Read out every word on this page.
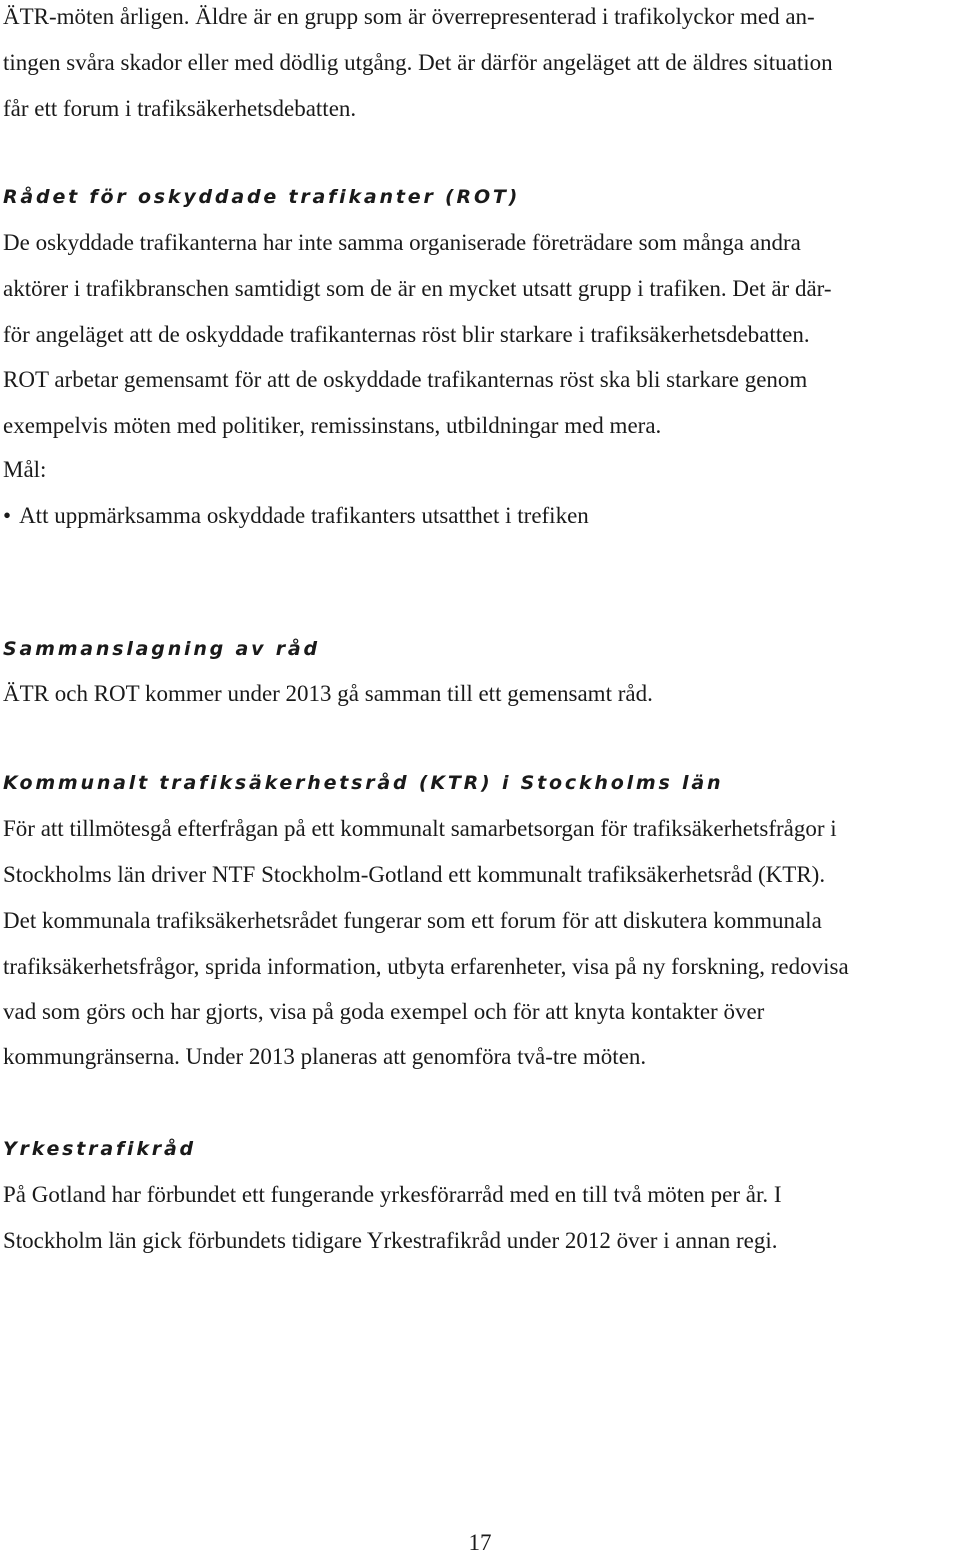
ÄTR-möten årligen. Äldre är en grupp som är överrepresenterad i trafikolyckor med an-

tingen svåra skador eller med dödlig utgång. Det är därför angeläget att de äldres situation

får ett forum i trafiksäkerhetsdebatten.

Rådet för oskyddade trafikanter (ROT)

De oskyddade trafikanterna har inte samma organiserade företrädare som många andra

aktörer i trafikbranschen samtidigt som de är en mycket utsatt grupp i trafiken. Det är där-

för angeläget att de oskyddade trafikanternas röst blir starkare i trafiksäkerhetsdebatten.

ROT arbetar gemensamt för att de oskyddade trafikanternas röst ska bli starkare genom

exempelvis möten med politiker, remissinstans, utbildningar med mera.

Mål:

• Att uppmärksamma oskyddade trafikanters utsatthet i trefiken

Sammanslagning av råd

ÄTR och ROT kommer under 2013 gå samman till ett gemensamt råd.

Kommunalt trafiksäkerhetsråd (KTR) i Stockholms län

För att tillmötesgå efterfrågan på ett kommunalt samarbetsorgan för trafiksäkerhetsfrågor i

Stockholms län driver NTF Stockholm-Gotland ett kommunalt trafiksäkerhetsråd (KTR).

Det kommunala trafiksäkerhetsrådet fungerar som ett forum för att diskutera kommunala

trafiksäkerhetsfrågor, sprida information, utbyta erfarenheter, visa på ny forskning, redovisa

vad som görs och har gjorts, visa på goda exempel och för att knyta kontakter över

kommungränserna. Under 2013 planeras att genomföra två-tre möten.

Yrkestrafikråd

På Gotland har förbundet ett fungerande yrkesförarråd med en till två möten per år. I

Stockholm län gick förbundets tidigare Yrkestrafikråd under 2012 över i annan regi.

17
